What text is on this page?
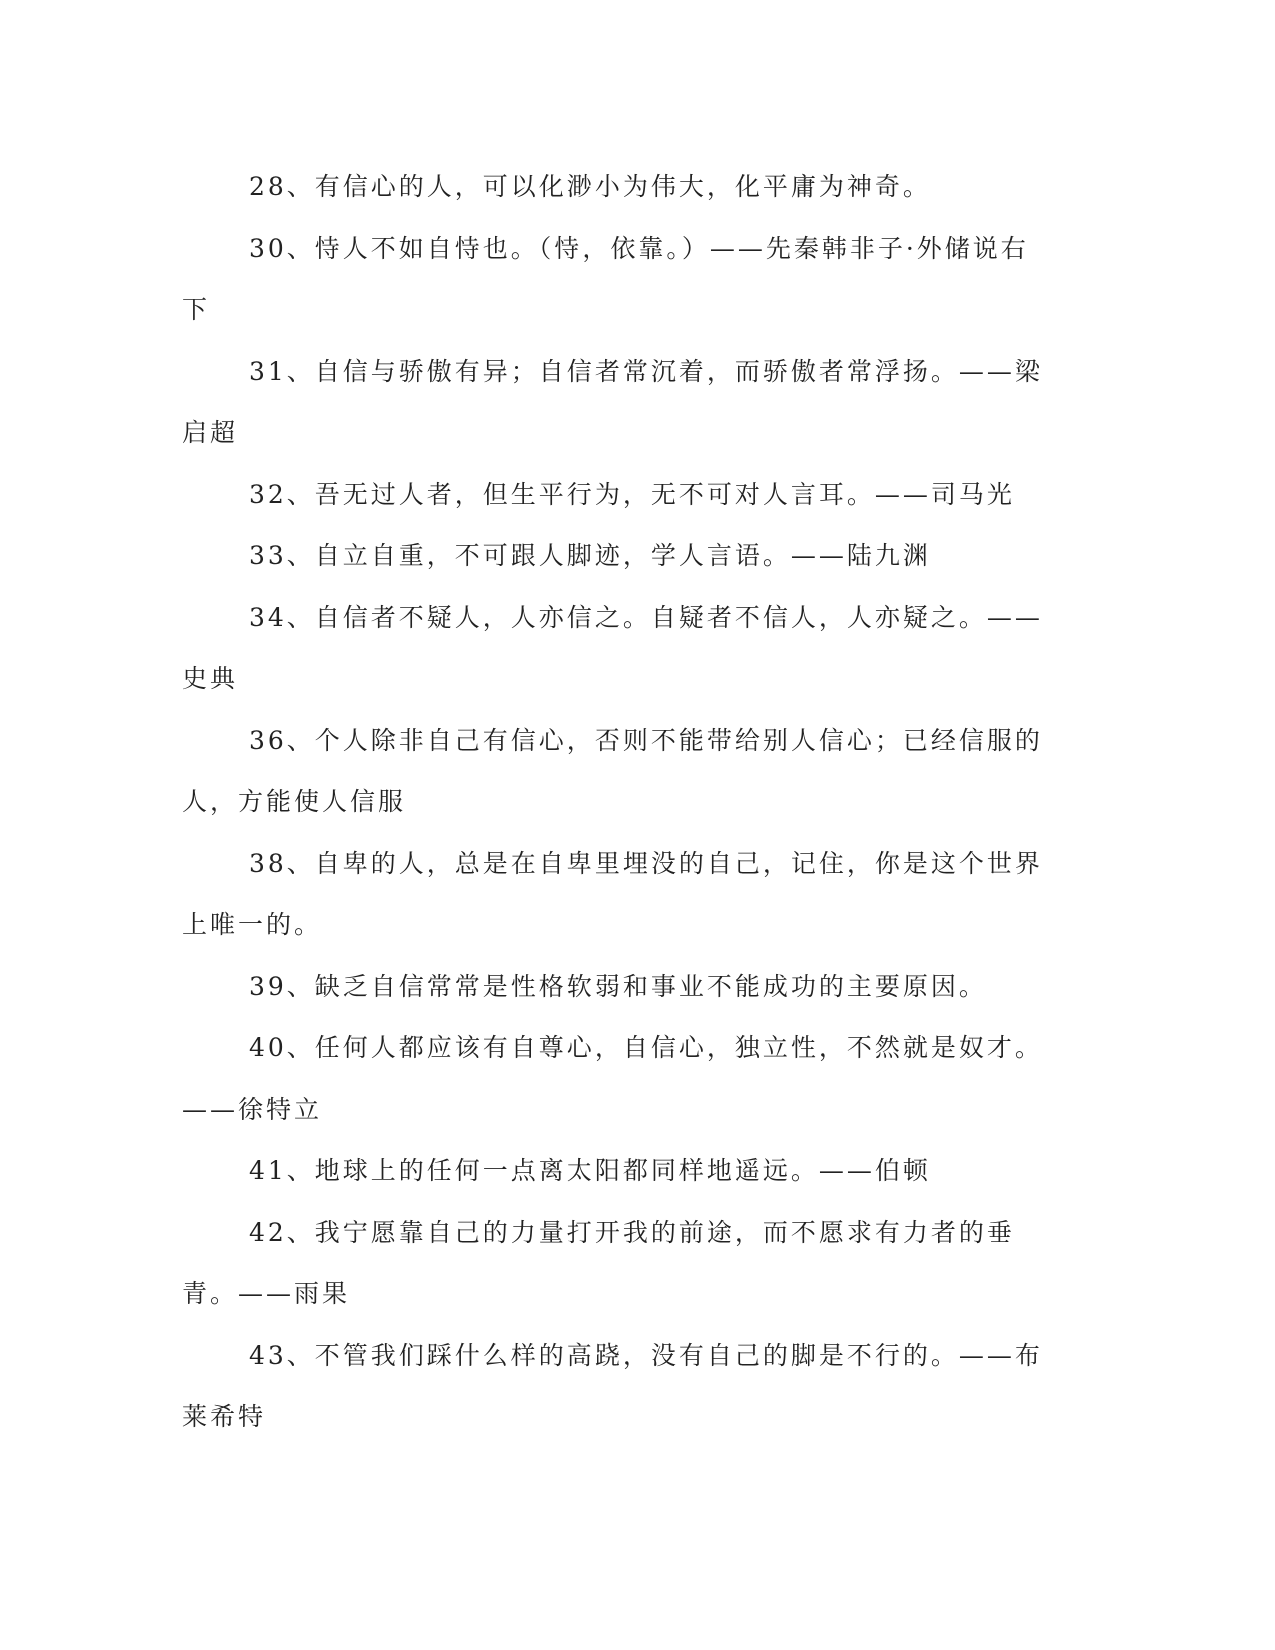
28、有信心的人，可以化渺小为伟大，化平庸为神奇。

30、恃人不如自恃也。（恃，依靠。）——先秦韩非子·外储说右下

31、自信与骄傲有异；自信者常沉着，而骄傲者常浮扬。——梁启超

32、吾无过人者，但生平行为，无不可对人言耳。——司马光

33、自立自重，不可跟人脚迹，学人言语。——陆九渊

34、自信者不疑人，人亦信之。自疑者不信人，人亦疑之。——史典

36、个人除非自己有信心，否则不能带给别人信心；已经信服的人，方能使人信服

38、自卑的人，总是在自卑里埋没的自己，记住，你是这个世界上唯一的。

39、缺乏自信常常是性格软弱和事业不能成功的主要原因。

40、任何人都应该有自尊心，自信心，独立性，不然就是奴才。——徐特立

41、地球上的任何一点离太阳都同样地遥远。——伯顿

42、我宁愿靠自己的力量打开我的前途，而不愿求有力者的垂青。——雨果

43、不管我们踩什么样的高跷，没有自己的脚是不行的。——布莱希特
